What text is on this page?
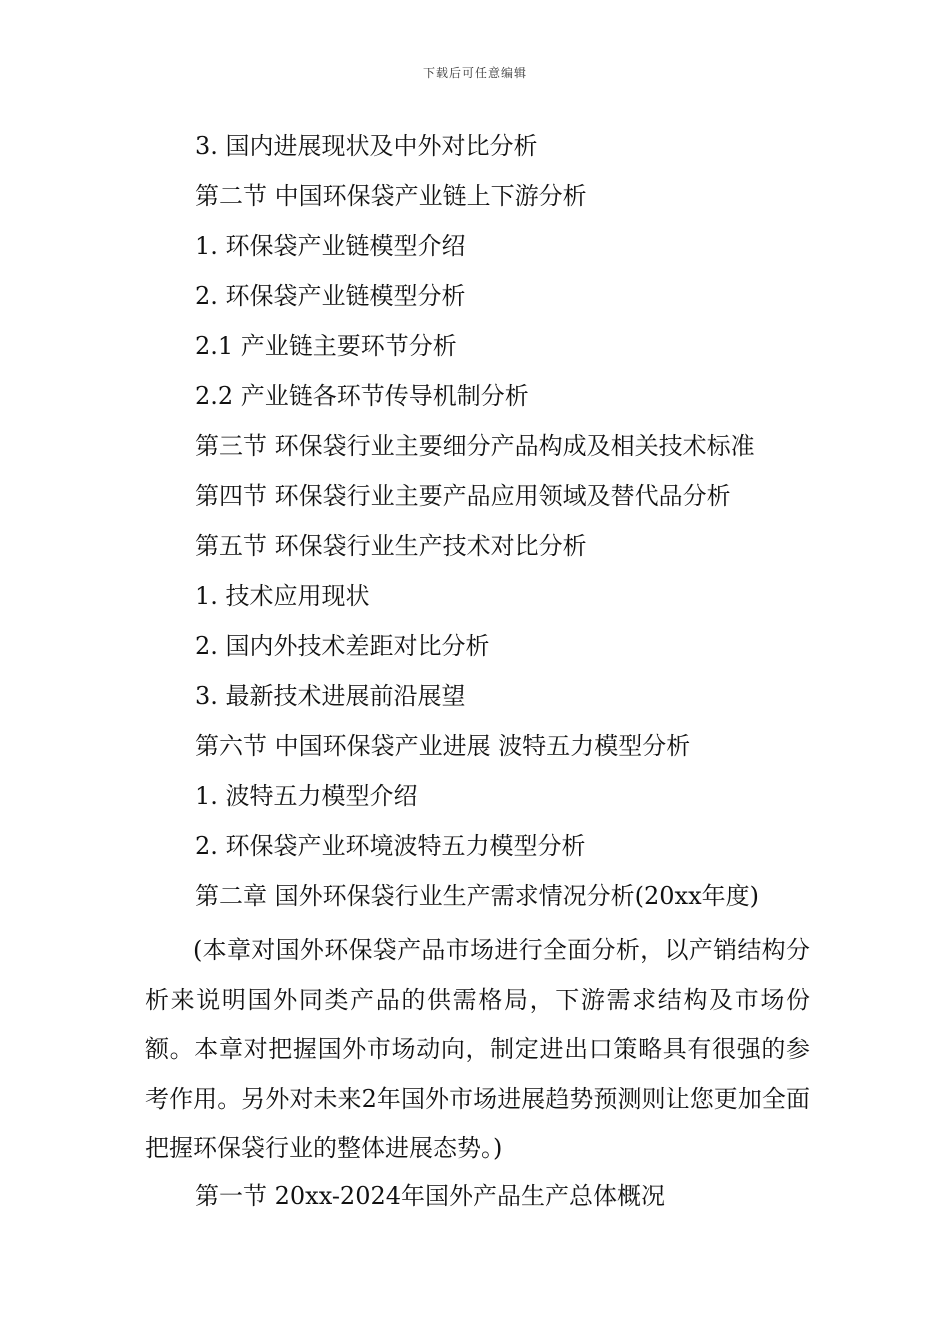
下载后可任意编辑
3. 国内进展现状及中外对比分析
第二节 中国环保袋产业链上下游分析
1. 环保袋产业链模型介绍
2. 环保袋产业链模型分析
2.1 产业链主要环节分析
2.2 产业链各环节传导机制分析
第三节 环保袋行业主要细分产品构成及相关技术标准
第四节 环保袋行业主要产品应用领域及替代品分析
第五节 环保袋行业生产技术对比分析
1. 技术应用现状
2. 国内外技术差距对比分析
3. 最新技术进展前沿展望
第六节 中国环保袋产业进展 波特五力模型分析
1. 波特五力模型介绍
2. 环保袋产业环境波特五力模型分析
第二章 国外环保袋行业生产需求情况分析(20xx年度)
(本章对国外环保袋产品市场进行全面分析，以产销结构分析来说明国外同类产品的供需格局，下游需求结构及市场份额。本章对把握国外市场动向，制定进出口策略具有很强的参考作用。另外对未来2年国外市场进展趋势预测则让您更加全面把握环保袋行业的整体进展态势。)
第一节 20xx-2024年国外产品生产总体概况
